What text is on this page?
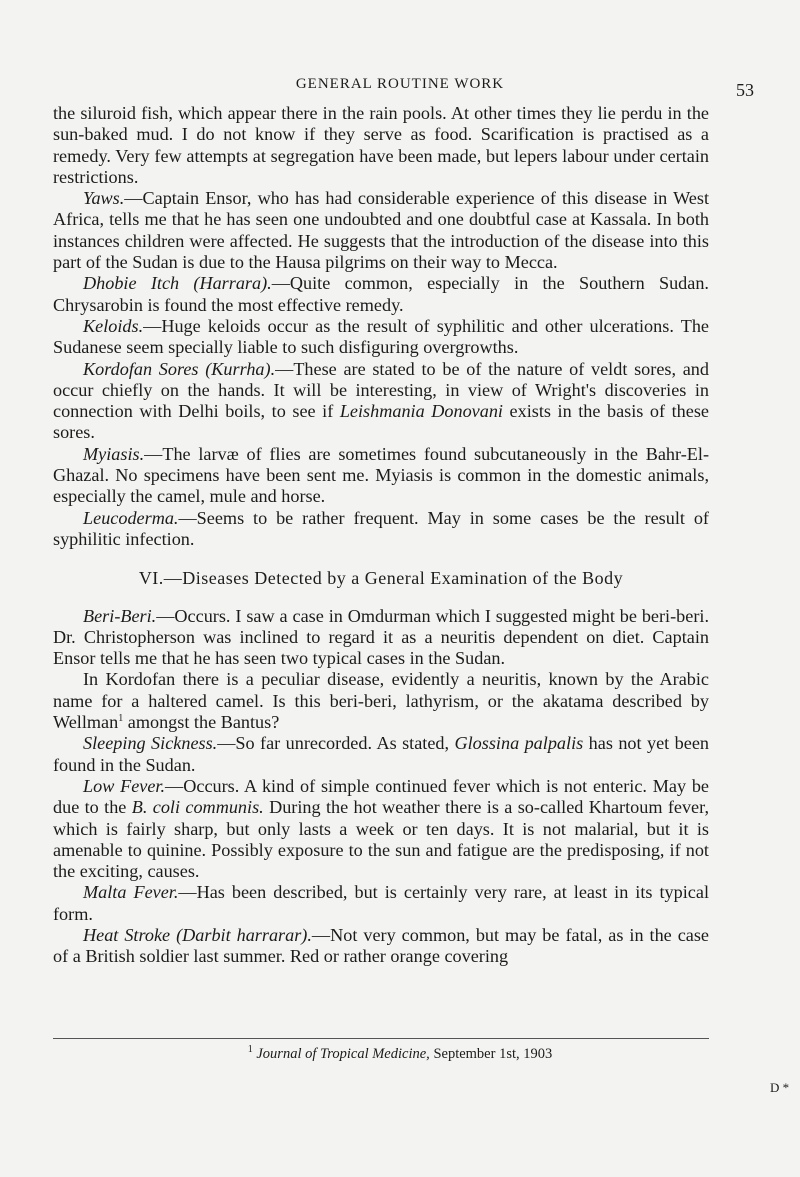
GENERAL ROUTINE WORK	53

the siluroid fish, which appear there in the rain pools. At other times they lie perdu in the sun-baked mud. I do not know if they serve as food. Scarification is practised as a remedy. Very few attempts at segregation have been made, but lepers labour under certain restrictions.

Yaws.—Captain Ensor, who has had considerable experience of this disease in West Africa, tells me that he has seen one undoubted and one doubtful case at Kassala. In both instances children were affected. He suggests that the introduction of the disease into this part of the Sudan is due to the Hausa pilgrims on their way to Mecca.

Dhobie Itch (Harrara).—Quite common, especially in the Southern Sudan. Chrysarobin is found the most effective remedy.

Keloids.—Huge keloids occur as the result of syphilitic and other ulcerations. The Sudanese seem specially liable to such disfiguring overgrowths.

Kordofan Sores (Kurrha).—These are stated to be of the nature of veldt sores, and occur chiefly on the hands. It will be interesting, in view of Wright's discoveries in connection with Delhi boils, to see if Leishmania Donovani exists in the basis of these sores.

Myiasis.—The larvæ of flies are sometimes found subcutaneously in the Bahr-El-Ghazal. No specimens have been sent me. Myiasis is common in the domestic animals, especially the camel, mule and horse.

Leucoderma.—Seems to be rather frequent. May in some cases be the result of syphilitic infection.

VI.—Diseases Detected by a General Examination of the Body

Beri-Beri.—Occurs. I saw a case in Omdurman which I suggested might be beri-beri. Dr. Christopherson was inclined to regard it as a neuritis dependent on diet. Captain Ensor tells me that he has seen two typical cases in the Sudan.

In Kordofan there is a peculiar disease, evidently a neuritis, known by the Arabic name for a haltered camel. Is this beri-beri, lathyrism, or the akatama described by Wellman$^1$ amongst the Bantus?

Sleeping Sickness.—So far unrecorded. As stated, Glossina palpalis has not yet been found in the Sudan.

Low Fever.—Occurs. A kind of simple continued fever which is not enteric. May be due to the B. coli communis. During the hot weather there is a so-called Khartoum fever, which is fairly sharp, but only lasts a week or ten days. It is not malarial, but it is amenable to quinine. Possibly exposure to the sun and fatigue are the predisposing, if not the exciting, causes.

Malta Fever.—Has been described, but is certainly very rare, at least in its typical form.

Heat Stroke (Darbit harrarar).—Not very common, but may be fatal, as in the case of a British soldier last summer. Red or rather orange covering

$^1$ Journal of Tropical Medicine, September 1st, 1903
D *
